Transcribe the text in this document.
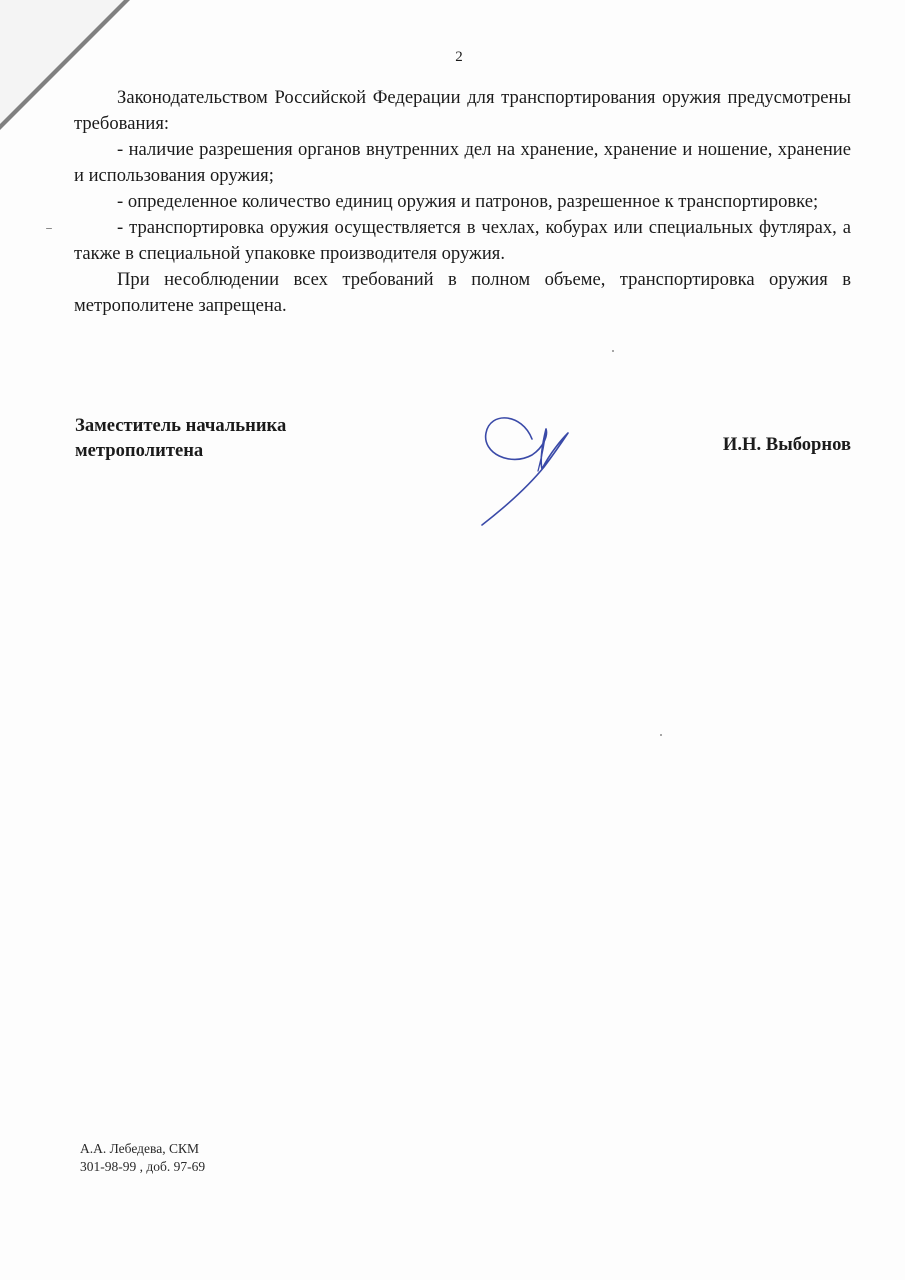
2

Законодательством Российской Федерации для транспортирования оружия предусмотрены требования:

- наличие разрешения органов внутренних дел на хранение, хранение и ношение, хранение и использования оружия;

- определенное количество единиц оружия и патронов, разрешенное к транспортировке;

- транспортировка оружия осуществляется в чехлах, кобурах или специальных футлярах, а также в специальной упаковке производителя оружия.

При несоблюдении всех требований в полном объеме, транспортировка оружия в метрополитене запрещена.

Заместитель начальника
метрополитена	И.Н. Выборнов
А.А. Лебедева, СКМ
301-98-99 , доб. 97-69
